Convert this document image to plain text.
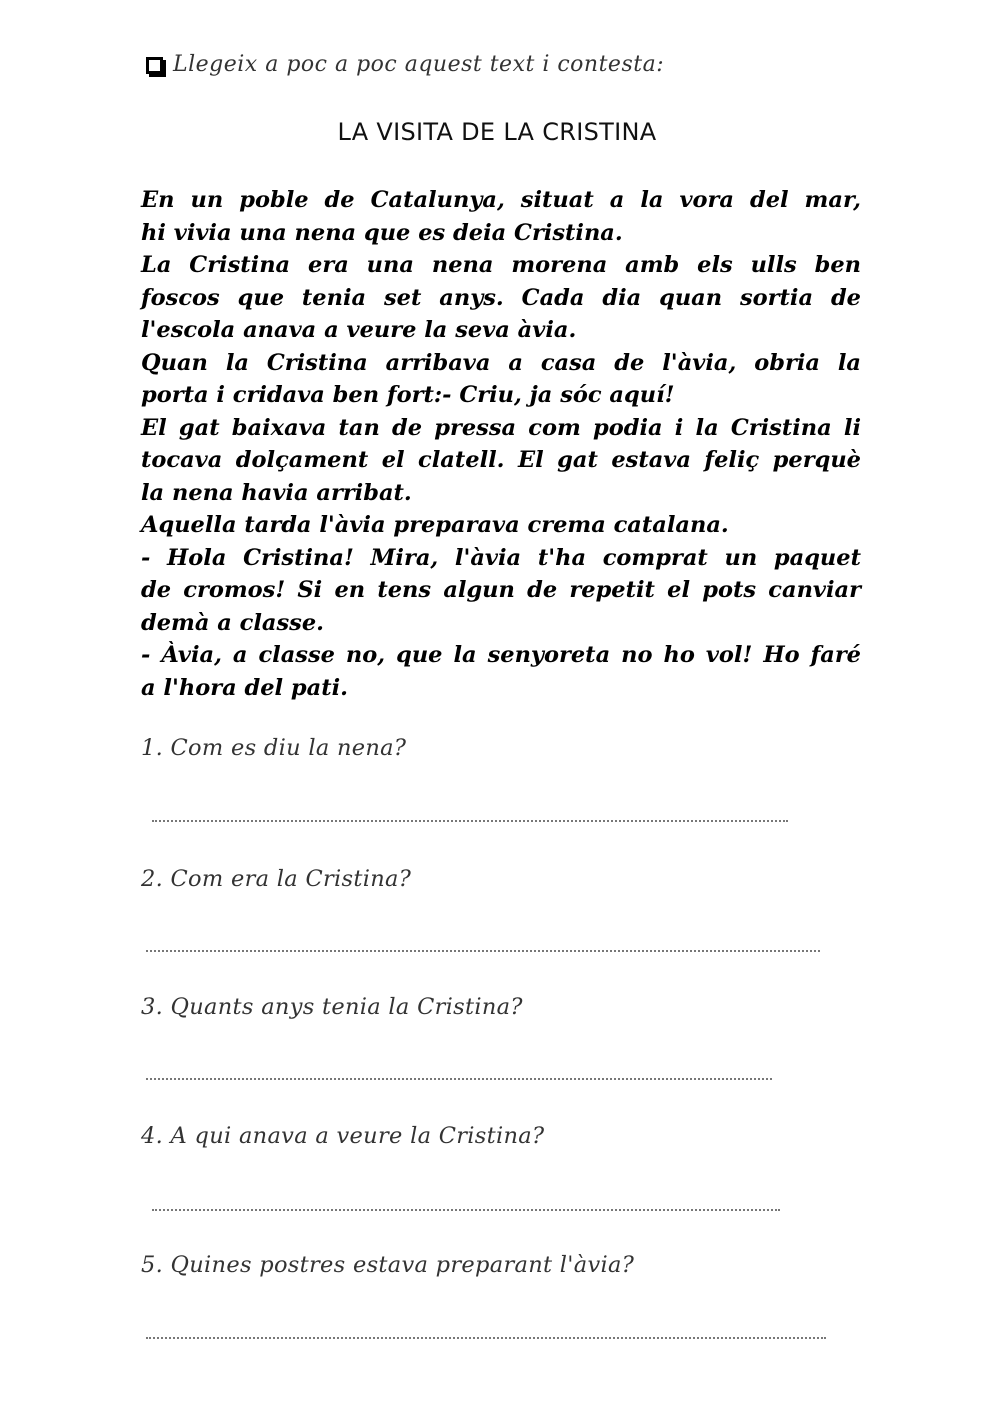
Llegeix a poc a poc aquest text i contesta:
LA VISITA DE LA CRISTINA
En un poble de Catalunya, situat a la vora del mar,
hi vivia una nena que es deia Cristina.
La Cristina era una nena morena amb els ulls ben
foscos que tenia set anys. Cada dia quan sortia de
l'escola anava a veure la seva àvia.
Quan la Cristina arribava a casa de l'àvia, obria la
porta i cridava ben fort:- Criu, ja sóc aquí!
El gat baixava tan de pressa com podia i la Cristina li
tocava dolçament el clatell. El gat estava feliç perquè
la nena havia arribat.
Aquella tarda l'àvia preparava crema catalana.
- Hola Cristina! Mira, l'àvia t'ha comprat un paquet
de cromos! Si en tens algun de repetit el pots canviar
demà a classe.
- Àvia, a classe no, que la senyoreta no ho vol! Ho faré
a l'hora del pati.
1. Com es diu la nena?
2. Com era la Cristina?
3. Quants anys tenia la Cristina?
4. A qui anava a veure la Cristina?
5. Quines postres estava preparant l'àvia?
